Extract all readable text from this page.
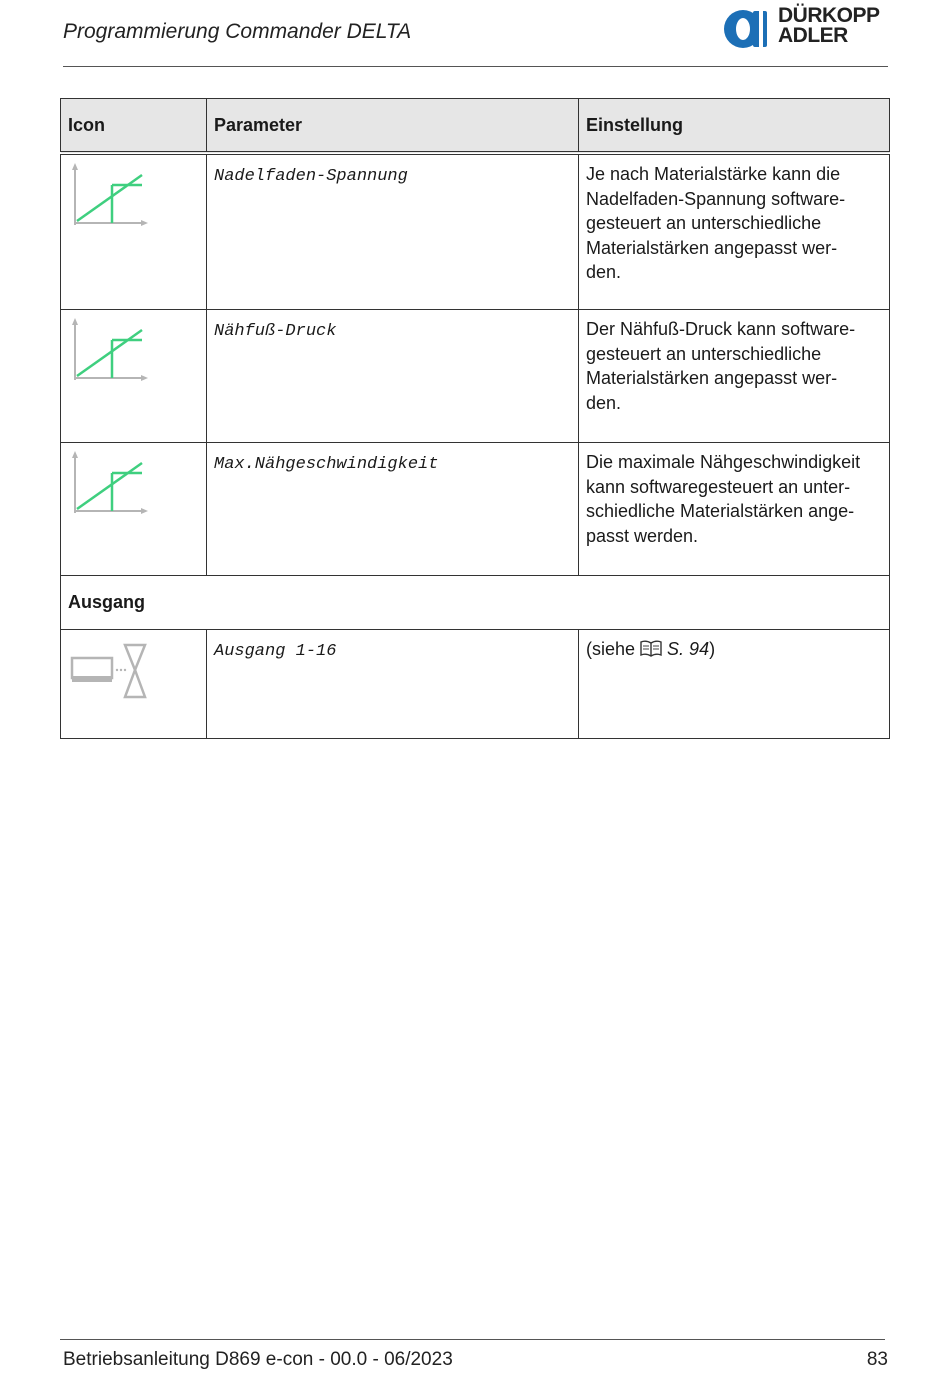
Programmierung Commander DELTA
DÜRKOPP
ADLER
Icon	Parameter	Einstellung
	Nadelfaden-Spannung	Je nach Materialstärke kann die
Nadelfaden-Spannung software-
gesteuert an unterschiedliche
Materialstärken angepasst wer-
den.

	Nähfuß-Druck	Der Nähfuß-Druck kann software-
gesteuert an unterschiedliche
Materialstärken angepasst wer-
den.

	Max.Nähgeschwindigkeit	Die maximale Nähgeschwindigkeit
kann softwaregesteuert an unter-
schiedliche Materialstärken ange-
passt werden.

Ausgang		
	Ausgang 1-16	(siehe  S. 94)
Betriebsanleitung D869 e-con - 00.0 - 06/2023	83
